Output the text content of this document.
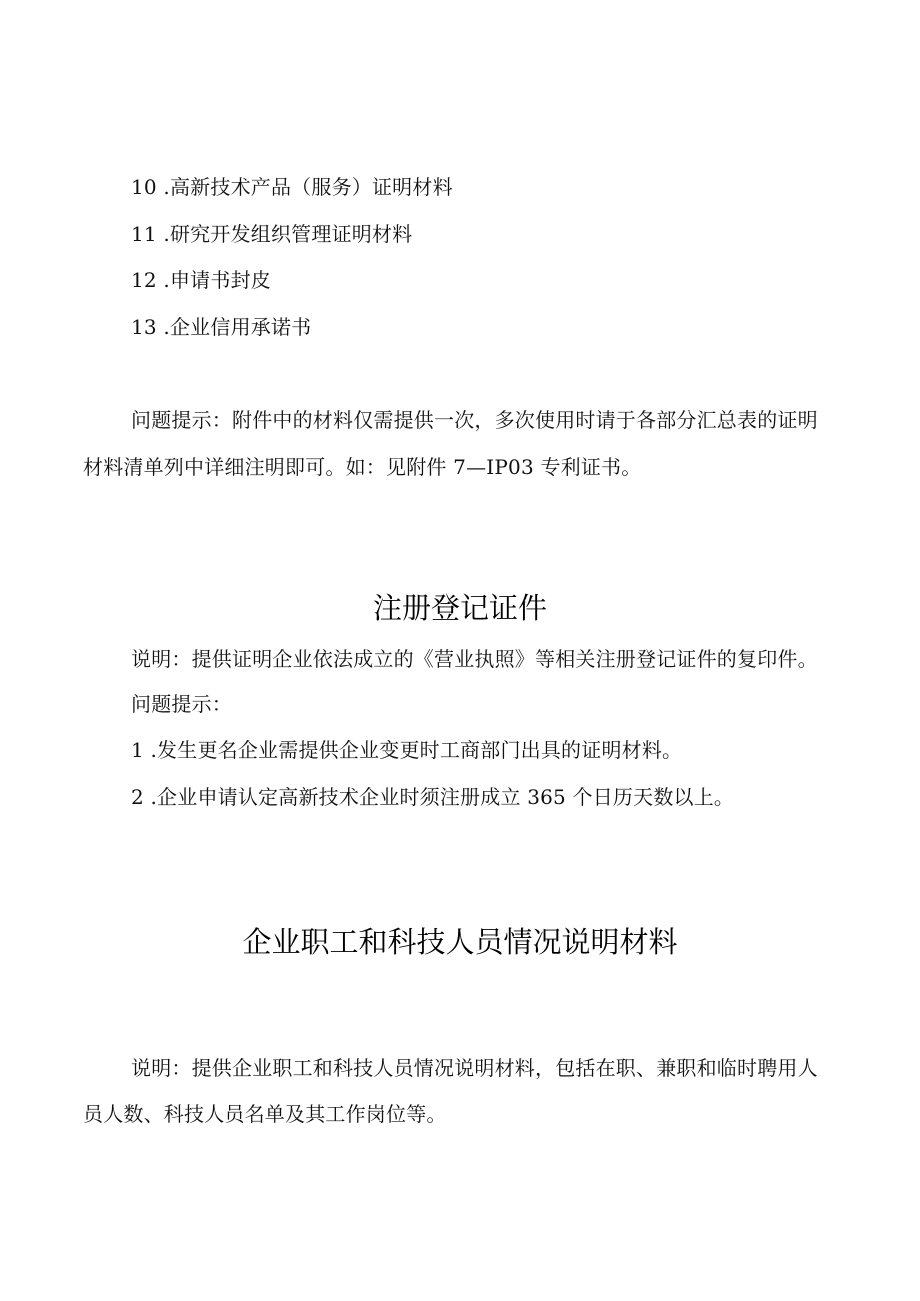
10 .高新技术产品（服务）证明材料
11 .研究开发组织管理证明材料
12 .申请书封皮
13 .企业信用承诺书
问题提示：附件中的材料仅需提供一次，多次使用时请于各部分汇总表的证明
材料清单列中详细注明即可。如：见附件 7—IP03 专利证书。
注册登记证件
说明：提供证明企业依法成立的《营业执照》等相关注册登记证件的复印件。
问题提示：
1 .发生更名企业需提供企业变更时工商部门出具的证明材料。
2 .企业申请认定高新技术企业时须注册成立 365 个日历天数以上。
企业职工和科技人员情况说明材料
说明：提供企业职工和科技人员情况说明材料，包括在职、兼职和临时聘用人
员人数、科技人员名单及其工作岗位等。
